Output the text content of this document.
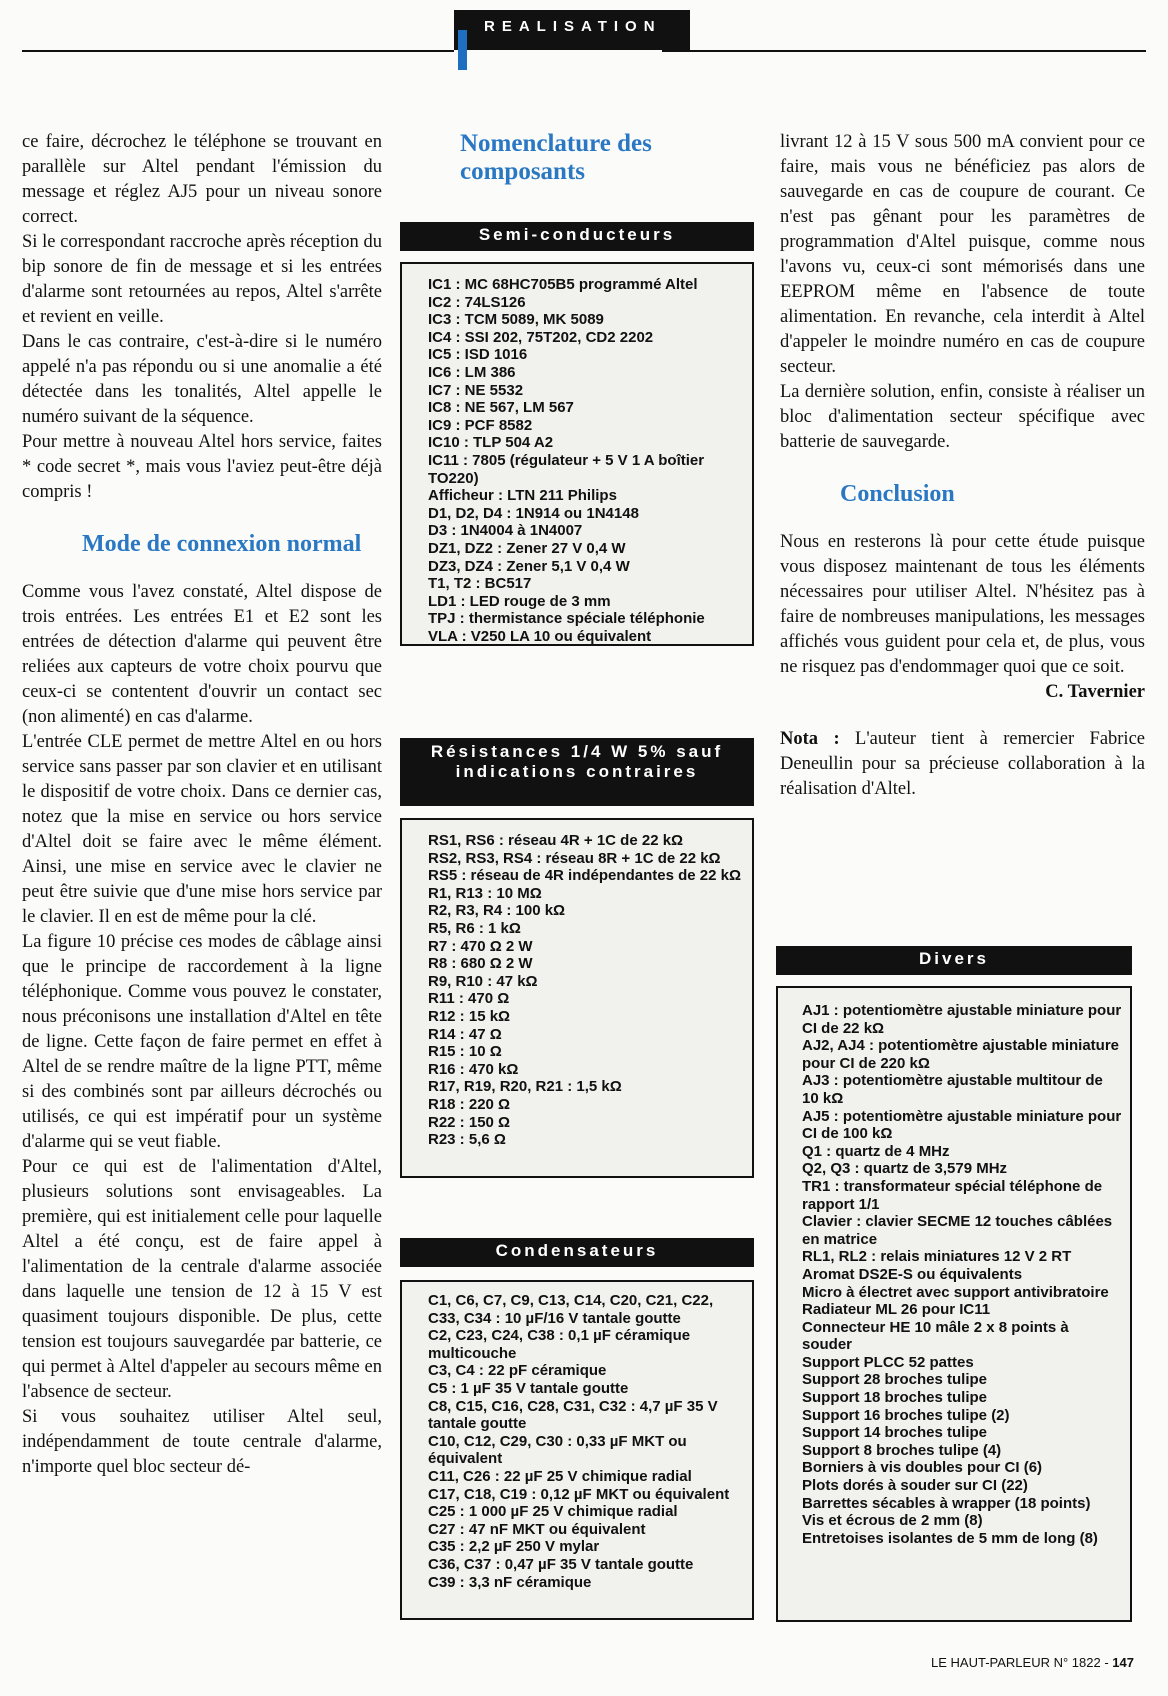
REALISATION

ce faire, décrochez le téléphone se trouvant en parallèle sur Altel pendant l'émission du message et réglez AJ5 pour un niveau sonore correct.

Si le correspondant raccroche après réception du bip sonore de fin de message et si les entrées d'alarme sont retournées au repos, Altel s'arrête et revient en veille.

Dans le cas contraire, c'est-à-dire si le numéro appelé n'a pas répondu ou si une anomalie a été détectée dans les tonalités, Altel appelle le numéro suivant de la séquence.

Pour mettre à nouveau Altel hors service, faites * code secret *, mais vous l'aviez peut-être déjà compris !

Mode de connexion normal

Comme vous l'avez constaté, Altel dispose de trois entrées. Les entrées E1 et E2 sont les entrées de détection d'alarme qui peuvent être reliées aux capteurs de votre choix pourvu que ceux-ci se contentent d'ouvrir un contact sec (non alimenté) en cas d'alarme.

L'entrée CLE permet de mettre Altel en ou hors service sans passer par son clavier et en utilisant le dispositif de votre choix. Dans ce dernier cas, notez que la mise en service ou hors service d'Altel doit se faire avec le même élément. Ainsi, une mise en service avec le clavier ne peut être suivie que d'une mise hors service par le clavier. Il en est de même pour la clé.

La figure 10 précise ces modes de câblage ainsi que le principe de raccordement à la ligne téléphonique. Comme vous pouvez le constater, nous préconisons une installation d'Altel en tête de ligne. Cette façon de faire permet en effet à Altel de se rendre maître de la ligne PTT, même si des combinés sont par ailleurs décrochés ou utilisés, ce qui est impératif pour un système d'alarme qui se veut fiable.

Pour ce qui est de l'alimentation d'Altel, plusieurs solutions sont envisageables. La première, qui est initialement celle pour laquelle Altel a été conçu, est de faire appel à l'alimentation de la centrale d'alarme associée dans laquelle une tension de 12 à 15 V est quasiment toujours disponible. De plus, cette tension est toujours sauvegardée par batterie, ce qui permet à Altel d'appeler au secours même en l'absence de secteur.

Si vous souhaitez utiliser Altel seul, indépendamment de toute centrale d'alarme, n'importe quel bloc secteur dé-

Nomenclature des composants
Semi-conducteurs
IC1 : MC 68HC705B5 programmé Altel
IC2 : 74LS126
IC3 : TCM 5089, MK 5089
IC4 : SSI 202, 75T202, CD2 2202
IC5 : ISD 1016
IC6 : LM 386
IC7 : NE 5532
IC8 : NE 567, LM 567
IC9 : PCF 8582
IC10 : TLP 504 A2
IC11 : 7805 (régulateur + 5 V 1 A boîtier TO220)
Afficheur : LTN 211 Philips
D1, D2, D4 : 1N914 ou 1N4148
D3 : 1N4004 à 1N4007
DZ1, DZ2 : Zener 27 V 0,4 W
DZ3, DZ4 : Zener 5,1 V 0,4 W
T1, T2 : BC517
LD1 : LED rouge de 3 mm
TPJ : thermistance spéciale téléphonie
VLA : V250 LA 10 ou équivalent
Résistances 1/4 W 5% sauf indications contraires
RS1, RS6 : réseau 4R + 1C de 22 kΩ
RS2, RS3, RS4 : réseau 8R + 1C de 22 kΩ
RS5 : réseau de 4R indépendantes de 22 kΩ
R1, R13 : 10 MΩ
R2, R3, R4 : 100 kΩ
R5, R6 : 1 kΩ
R7 : 470 Ω 2 W
R8 : 680 Ω 2 W
R9, R10 : 47 kΩ
R11 : 470 Ω
R12 : 15 kΩ
R14 : 47 Ω
R15 : 10 Ω
R16 : 470 kΩ
R17, R19, R20, R21 : 1,5 kΩ
R18 : 220 Ω
R22 : 150 Ω
R23 : 5,6 Ω
Condensateurs
C1, C6, C7, C9, C13, C14, C20, C21, C22, C33, C34 : 10 µF/16 V tantale goutte
C2, C23, C24, C38 : 0,1 µF céramique multicouche
C3, C4 : 22 pF céramique
C5 : 1 µF 35 V tantale goutte
C8, C15, C16, C28, C31, C32 : 4,7 µF 35 V tantale goutte
C10, C12, C29, C30 : 0,33 µF MKT ou équivalent
C11, C26 : 22 µF 25 V chimique radial
C17, C18, C19 : 0,12 µF MKT ou équivalent
C25 : 1 000 µF 25 V chimique radial
C27 : 47 nF MKT ou équivalent
C35 : 2,2 µF 250 V mylar
C36, C37 : 0,47 µF 35 V tantale goutte
C39 : 3,3 nF céramique

livrant 12 à 15 V sous 500 mA convient pour ce faire, mais vous ne bénéficiez pas alors de sauvegarde en cas de coupure de courant. Ce n'est pas gênant pour les paramètres de programmation d'Altel puisque, comme nous l'avons vu, ceux-ci sont mémorisés dans une EEPROM même en l'absence de toute alimentation. En revanche, cela interdit à Altel d'appeler le moindre numéro en cas de coupure secteur.

La dernière solution, enfin, consiste à réaliser un bloc d'alimentation secteur spécifique avec batterie de sauvegarde.

Conclusion

Nous en resterons là pour cette étude puisque vous disposez maintenant de tous les éléments nécessaires pour utiliser Altel. N'hésitez pas à faire de nombreuses manipulations, les messages affichés vous guident pour cela et, de plus, vous ne risquez pas d'endommager quoi que ce soit.

C. Tavernier

Nota : L'auteur tient à remercier Fabrice Deneullin pour sa précieuse collaboration à la réalisation d'Altel.

Divers
AJ1 : potentiomètre ajustable miniature pour CI de 22 kΩ
AJ2, AJ4 : potentiomètre ajustable miniature pour CI de 220 kΩ
AJ3 : potentiomètre ajustable multitour de 10 kΩ
AJ5 : potentiomètre ajustable miniature pour CI de 100 kΩ
Q1 : quartz de 4 MHz
Q2, Q3 : quartz de 3,579 MHz
TR1 : transformateur spécial téléphone de rapport 1/1
Clavier : clavier SECME 12 touches câblées en matrice
RL1, RL2 : relais miniatures 12 V 2 RT Aromat DS2E-S ou équivalents
Micro à électret avec support antivibratoire
Radiateur ML 26 pour IC11
Connecteur HE 10 mâle 2 x 8 points à souder
Support PLCC 52 pattes
Support 28 broches tulipe
Support 18 broches tulipe
Support 16 broches tulipe (2)
Support 14 broches tulipe
Support 8 broches tulipe (4)
Borniers à vis doubles pour CI (6)
Plots dorés à souder sur CI (22)
Barrettes sécables à wrapper (18 points)
Vis et écrous de 2 mm (8)
Entretoises isolantes de 5 mm de long (8)
LE HAUT-PARLEUR N° 1822 - 147
